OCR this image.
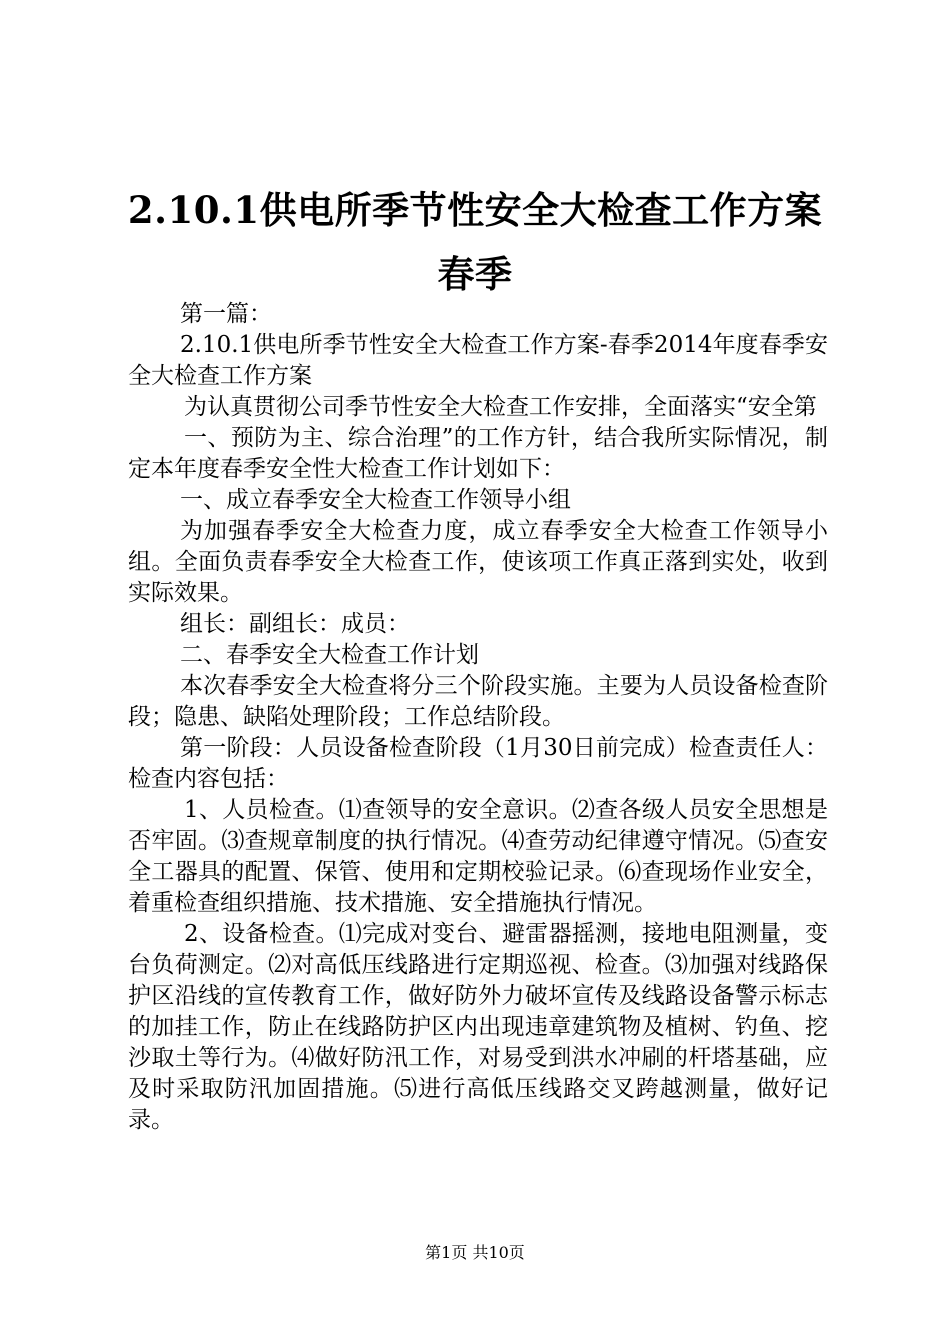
2.10.1供电所季节性安全大检查工作方案春季

第一篇：

2.10.1供电所季节性安全大检查工作方案-春季2014年度春季安全大检查工作方案

为认真贯彻公司季节性安全大检查工作安排，全面落实“安全第

一、预防为主、综合治理”的工作方针，结合我所实际情况，制定本年度春季安全性大检查工作计划如下：

一、成立春季安全大检查工作领导小组

为加强春季安全大检查力度，成立春季安全大检查工作领导小组。全面负责春季安全大检查工作，使该项工作真正落到实处，收到实际效果。

组长：副组长：成员：

二、春季安全大检查工作计划

本次春季安全大检查将分三个阶段实施。主要为人员设备检查阶段；隐患、缺陷处理阶段；工作总结阶段。

第一阶段：人员设备检查阶段（1月30日前完成）检查责任人：检查内容包括：

1、人员检查。⑴查领导的安全意识。⑵查各级人员安全思想是否牢固。⑶查规章制度的执行情况。⑷查劳动纪律遵守情况。⑸查安全工器具的配置、保管、使用和定期校验记录。⑹查现场作业安全，着重检查组织措施、技术措施、安全措施执行情况。

2、设备检查。⑴完成对变台、避雷器摇测，接地电阻测量，变台负荷测定。⑵对高低压线路进行定期巡视、检查。⑶加强对线路保护区沿线的宣传教育工作，做好防外力破坏宣传及线路设备警示标志的加挂工作，防止在线路防护区内出现违章建筑物及植树、钓鱼、挖沙取土等行为。⑷做好防汛工作，对易受到洪水冲刷的杆塔基础，应及时采取防汛加固措施。⑸进行高低压线路交叉跨越测量，做好记录。

第1页 共10页
